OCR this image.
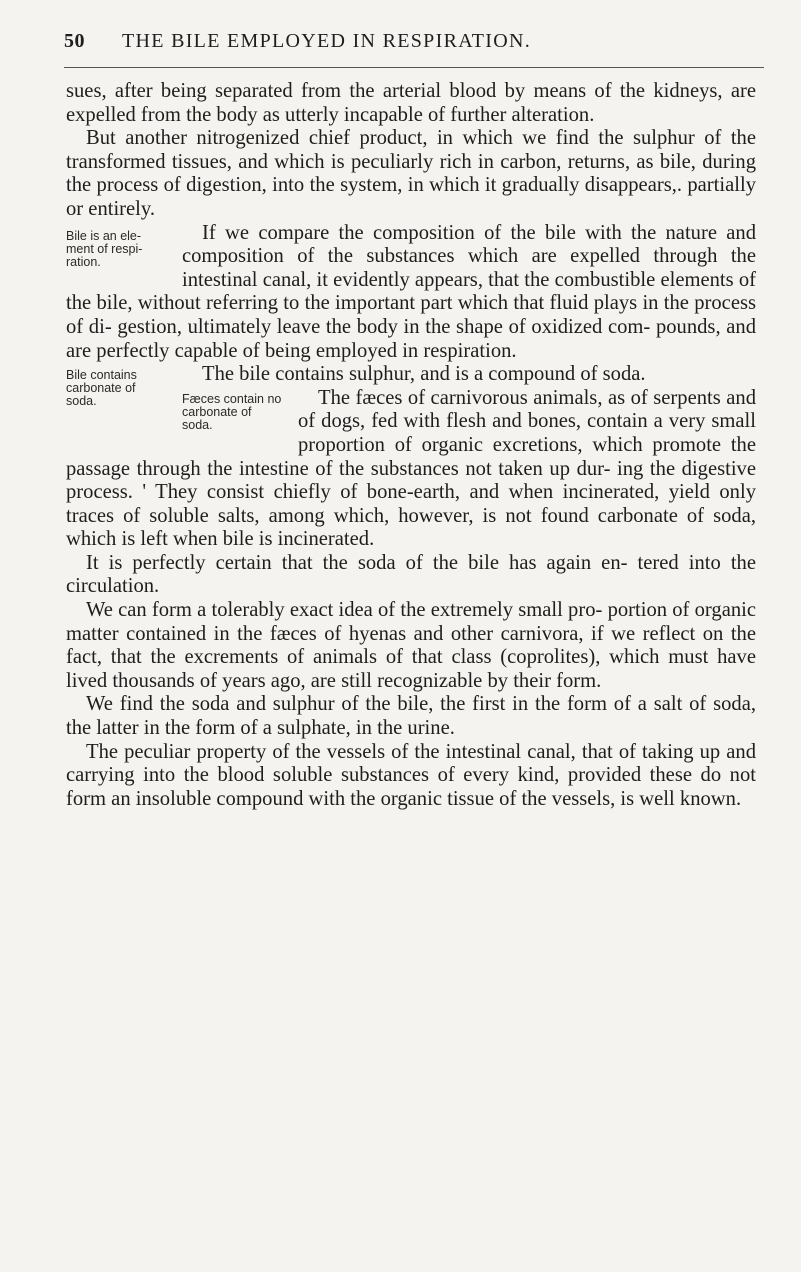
50 THE BILE EMPLOYED IN RESPIRATION.

sues, after being separated from the arterial blood by means of the kidneys, are expelled from the body as utterly incapable of further alteration.

But another nitrogenized chief product, in which we find the sulphur of the transformed tissues, and which is peculiarly rich in carbon, returns, as bile, during the process of digestion, into the system, in which it gradually disappears,. partially or entirely.

Bile is an ele- ment of respi- ration.
If we compare the composition of the bile with the nature and composition of the substances which are expelled through the intestinal canal, it evidently appears, that the combustible elements of the bile, without referring to the important part which that fluid plays in the process of di- gestion, ultimately leave the body in the shape of oxidized com- pounds, and are perfectly capable of being employed in respiration.

Bile contains carbonate of soda.
The bile contains sulphur, and is a compound of soda.

Fæces contain no carbonate of soda.
The fæces of carnivorous animals, as of serpents and of dogs, fed with flesh and bones, contain a very small proportion of organic excretions, which promote the passage through the intestine of the substances not taken up dur- ing the digestive process. ' They consist chiefly of bone-earth, and when incinerated, yield only traces of soluble salts, among which, however, is not found carbonate of soda, which is left when bile is incinerated.

It is perfectly certain that the soda of the bile has again en- tered into the circulation.

We can form a tolerably exact idea of the extremely small pro- portion of organic matter contained in the fæces of hyenas and other carnivora, if we reflect on the fact, that the excrements of animals of that class (coprolites), which must have lived thousands of years ago, are still recognizable by their form.

We find the soda and sulphur of the bile, the first in the form of a salt of soda, the latter in the form of a sulphate, in the urine.

The peculiar property of the vessels of the intestinal canal, that of taking up and carrying into the blood soluble substances of every kind, provided these do not form an insoluble compound with the organic tissue of the vessels, is well known.
